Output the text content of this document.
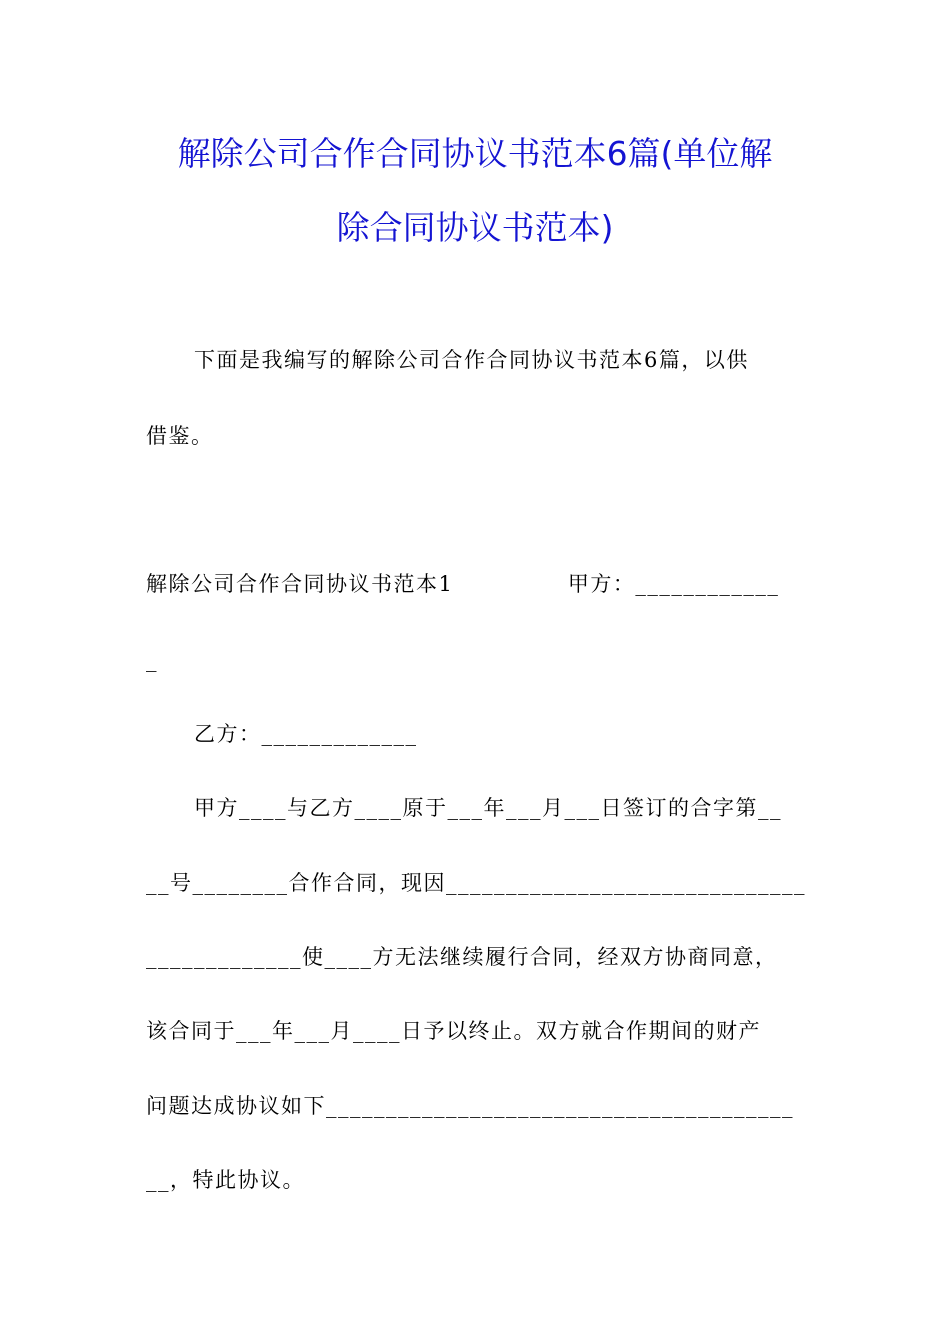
解除公司合作合同协议书范本6篇(单位解
除合同协议书范本)
下面是我编写的解除公司合作合同协议书范本6篇，以供
借鉴。
解除公司合作合同协议书范本1              甲方：____________
_
乙方：_____________
甲方____与乙方____原于___年___月___日签订的合字第__
__号________合作合同，现因______________________________
_____________使____方无法继续履行合同，经双方协商同意，
该合同于___年___月____日予以终止。双方就合作期间的财产
问题达成协议如下_______________________________________
__，特此协议。
